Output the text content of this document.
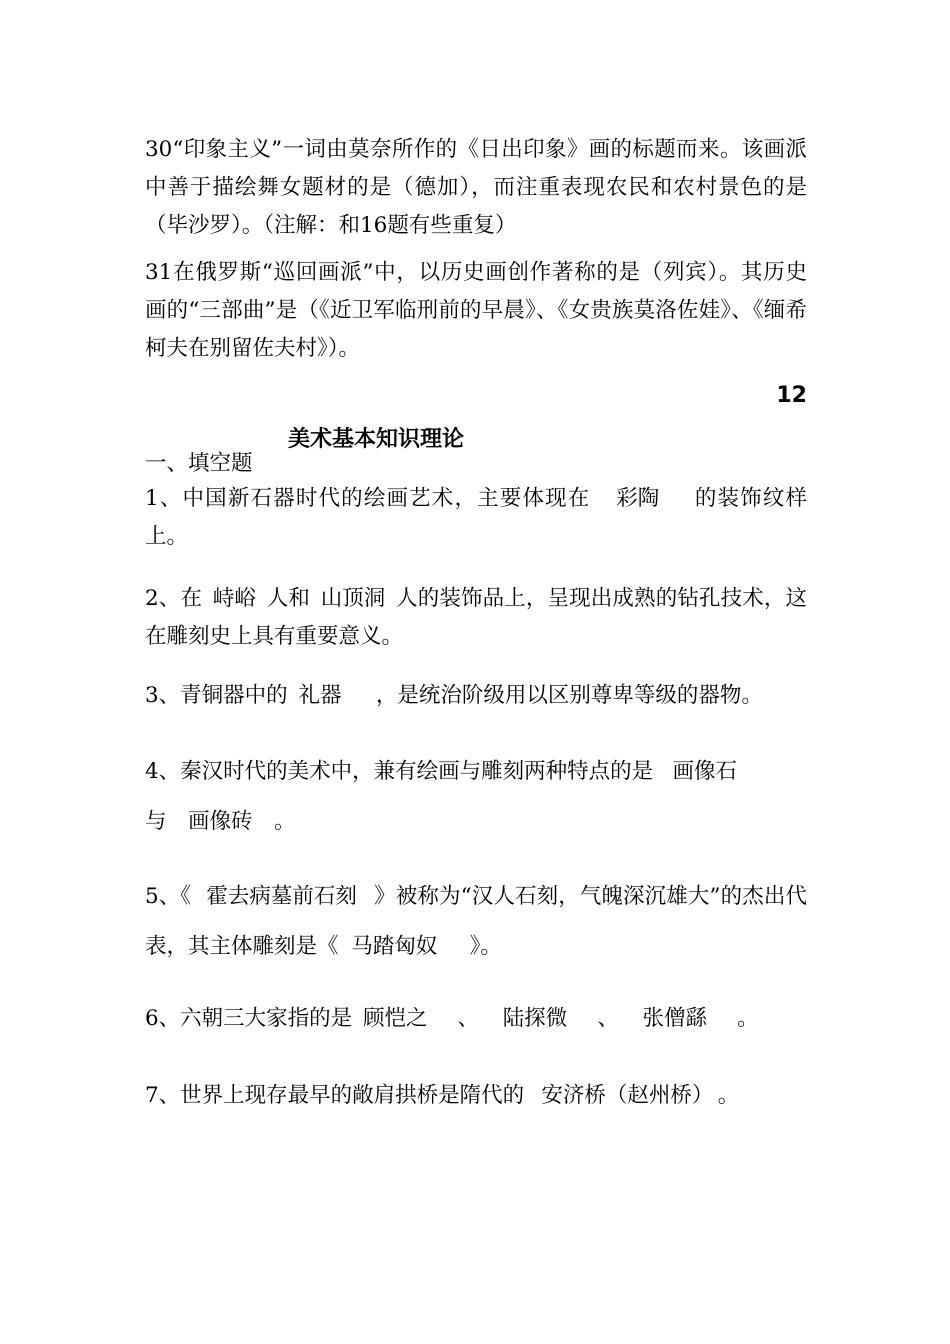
30“印象主义”一词由莫奈所作的《日出印象》画的标题而来。该画派中善于描绘舞女题材的是（德加），而注重表现农民和农村景色的是（毕沙罗）。（注解：和16题有些重复）

31在俄罗斯“巡回画派”中，以历史画创作著称的是（列宾）。其历史画的“三部曲”是（《近卫军临刑前的早晨》、《女贵族莫洛佐娃》、《缅希柯夫在别留佐夫村》）。

12
美术基本知识理论
一、填空题

1、中国新石器时代的绘画艺术，主要体现在 彩陶 的装饰纹样上。

2、在 峙峪 人和 山顶洞 人的装饰品上，呈现出成熟的钻孔技术，这在雕刻史上具有重要意义。

3、青铜器中的 礼器 ，是统治阶级用以区别尊卑等级的器物。
4、秦汉时代的美术中，兼有绘画与雕刻两种特点的是 画像石
与 画像砖 。

5、《 霍去病墓前石刻 》被称为“汉人石刻，气魄深沉雄大”的杰出代表，其主体雕刻是《 马踏匈奴 》。

6、六朝三大家指的是 顾恺之 、 陆探微 、 张僧繇 。
7、世界上现存最早的敞肩拱桥是隋代的 安济桥（赵州桥） 。
